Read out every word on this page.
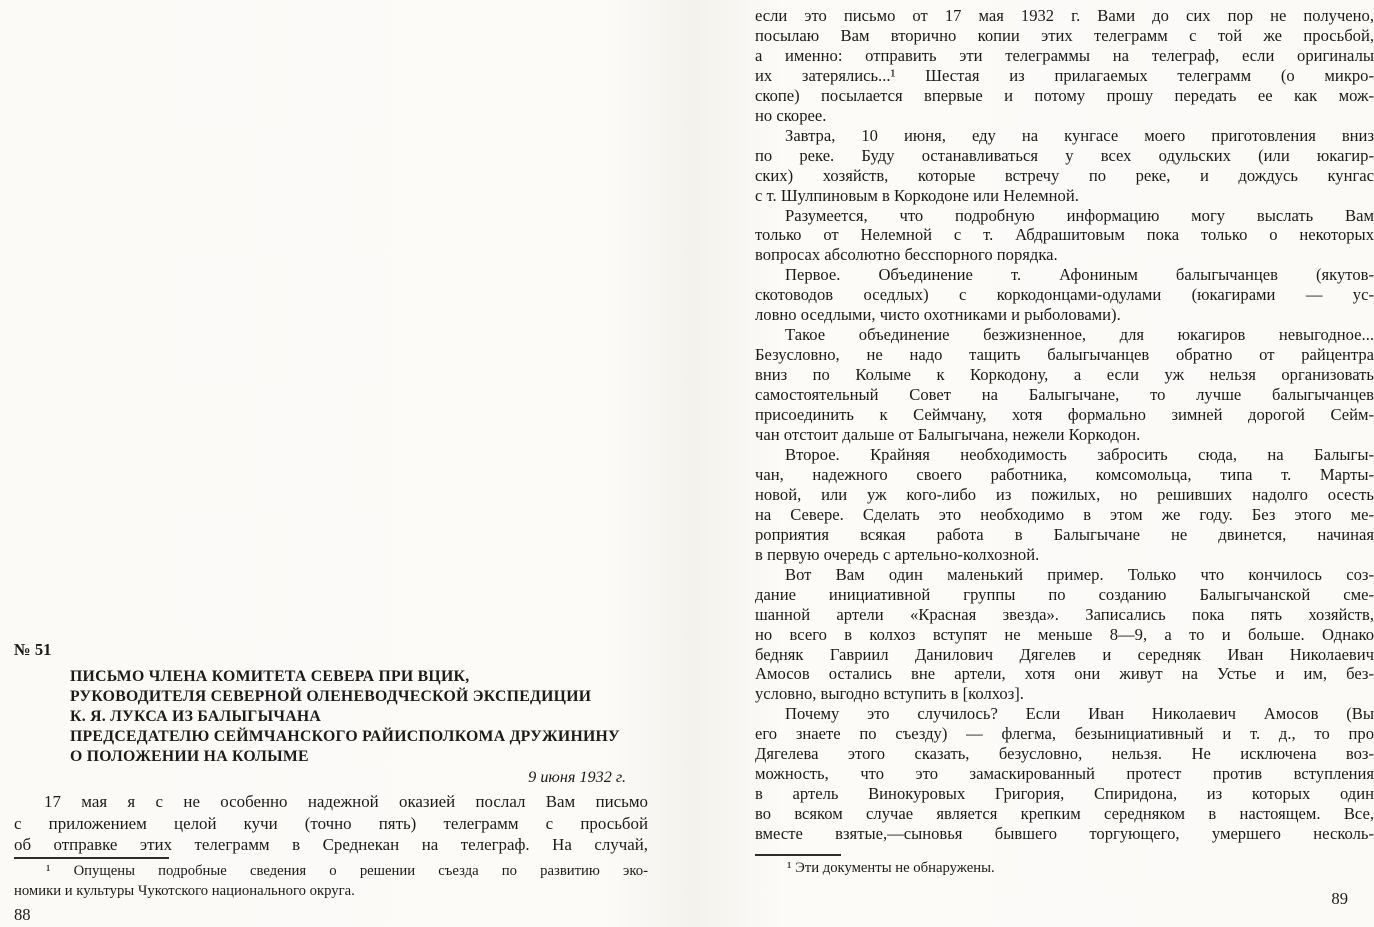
№ 51
ПИСЬМО ЧЛЕНА КОМИТЕТА СЕВЕРА ПРИ ВЦИК,
РУКОВОДИТЕЛЯ СЕВЕРНОЙ ОЛЕНЕВОДЧЕСКОЙ ЭКСПЕДИЦИИ
К. Я. ЛУКСА ИЗ БАЛЫГЫЧАНА
ПРЕДСЕДАТЕЛЮ СЕЙМЧАНСКОГО РАЙИСПОЛКОМА ДРУЖИНИНУ
О ПОЛОЖЕНИИ НА КОЛЫМЕ
9 июня 1932 г.
17 мая я с не особенно надежной оказией послал Вам письмо
с приложением целой кучи (точно пять) телеграмм с просьбой
об отправке этих телеграмм в Среднекан на телеграф. На случай,
¹ Опущены подробные сведения о решении съезда по развитию эко-
номики и культуры Чукотского национального округа.
88
если это письмо от 17 мая 1932 г. Вами до сих пор не получено,
посылаю Вам вторично копии этих телеграмм с той же просьбой,
а именно: отправить эти телеграммы на телеграф, если оригиналы
их затерялись...¹ Шестая из прилагаемых телеграмм (о микро-
скопе) посылается впервые и потому прошу передать ее как мож-
но скорее.
Завтра, 10 июня, еду на кунгасе моего приготовления вниз
по реке. Буду останавливаться у всех одульских (или юкагир-
ских) хозяйств, которые встречу по реке, и дождусь кунгас
с т. Шулпиновым в Коркодоне или Нелемной.
Разумеется, что подробную информацию могу выслать Вам
только от Нелемной с т. Абдрашитовым пока только о некоторых
вопросах абсолютно бесспорного порядка.
Первое. Объединение т. Афониным балыгычанцев (якутов-
скотоводов оседлых) с коркодонцами-одулами (юкагирами — ус-
ловно оседлыми, чисто охотниками и рыболовами).
Такое объединение безжизненное, для юкагиров невыгодное...
Безусловно, не надо тащить балыгычанцев обратно от райцентра
вниз по Колыме к Коркодону, а если уж нельзя организовать
самостоятельный Совет на Балыгычане, то лучше балыгычанцев
присоединить к Сеймчану, хотя формально зимней дорогой Сейм-
чан отстоит дальше от Балыгычана, нежели Коркодон.
Второе. Крайняя необходимость забросить сюда, на Балыгы-
чан, надежного своего работника, комсомольца, типа т. Марты-
новой, или уж кого-либо из пожилых, но решивших надолго осесть
на Севере. Сделать это необходимо в этом же году. Без этого ме-
роприятия всякая работа в Балыгычане не двинется, начиная
в первую очередь с артельно-колхозной.
Вот Вам один маленький пример. Только что кончилось соз-
дание инициативной группы по созданию Балыгычанской сме-
шанной артели «Красная звезда». Записались пока пять хозяйств,
но всего в колхоз вступят не меньше 8—9, а то и больше. Однако
бедняк Гавриил Данилович Дягелев и середняк Иван Николаевич
Амосов остались вне артели, хотя они живут на Устье и им, без-
условно, выгодно вступить в [колхоз].
Почему это случилось? Если Иван Николаевич Амосов (Вы
его знаете по съезду) — флегма, безынициативный и т. д., то про
Дягелева этого сказать, безусловно, нельзя. Не исключена воз-
можность, что это замаскированный протест против вступления
в артель Винокуровых Григория, Спиридона, из которых один
во всяком случае является крепким середняком в настоящем. Все,
вместе взятые,—сыновья бывшего торгующего, умершего несколь-
¹ Эти документы не обнаружены.
89
